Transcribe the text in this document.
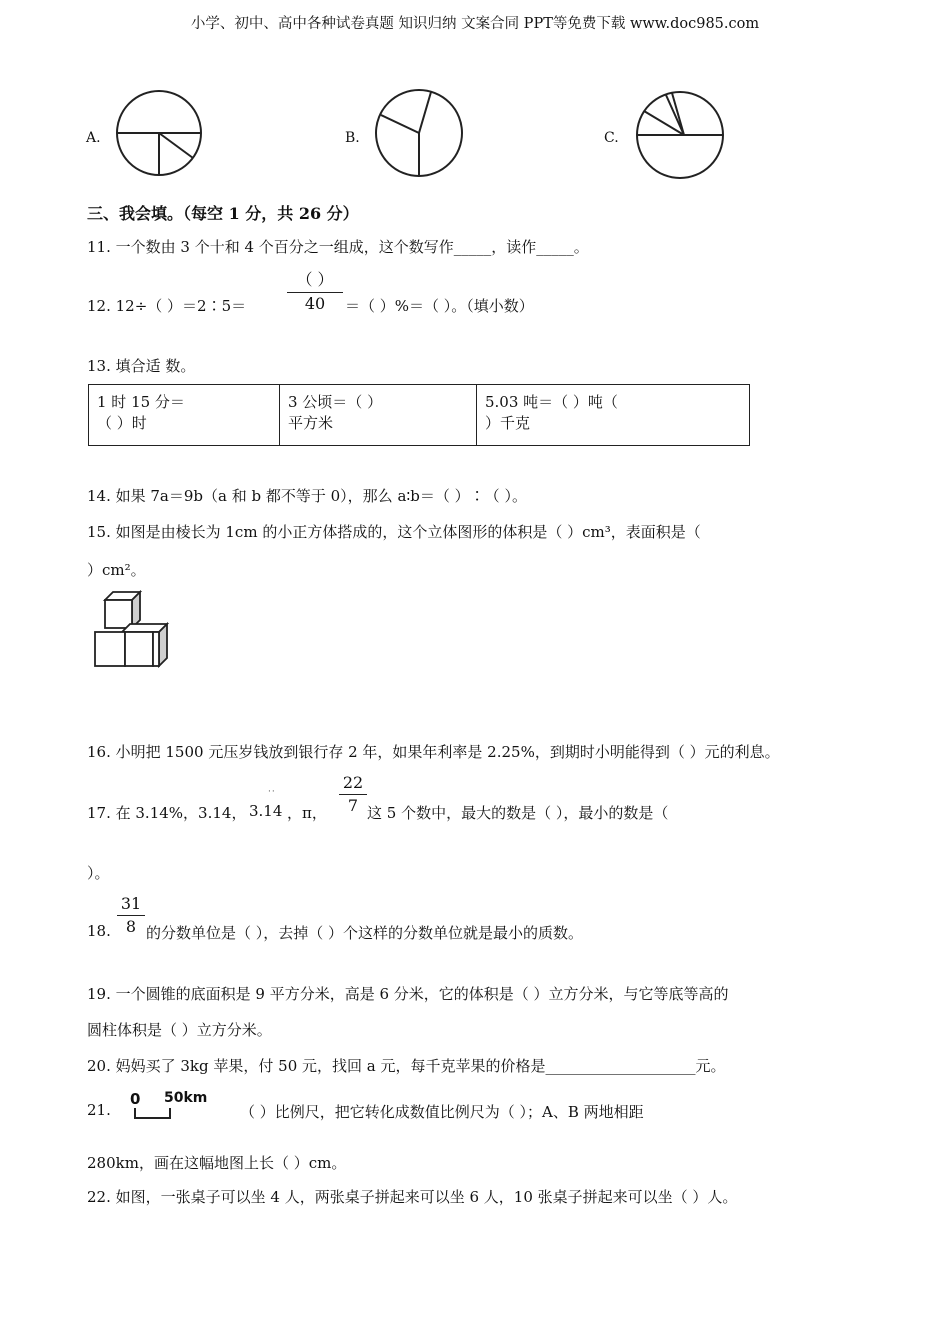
小学、初中、高中各种试卷真题 知识归纳 文案合同 PPT等免费下载 www.doc985.com
A.	B.	C.
三、我会填。（每空 1 分，共 26 分）
11. 一个数由 3 个十和 4 个百分之一组成，这个数写作_____，读作_____。
12. 12÷（ ）＝2∶5＝
（ ）
40	＝（ ）%＝（ ）。（填小数）
13. 填合适 数。
1 时 15 分＝
（ ）时

3 公顷＝（ ）
平方米

5.03 吨＝（ ）吨（
）千克
14. 如果 7a＝9b（a 和 b 都不等于 0），那么 a∶b＝（ ）∶（ ）。
15. 如图是由棱长为 1cm 的小正方体搭成的，这个立体图形的体积是（ ）cm³，表面积是（
）cm²。
16. 小明把 1500 元压岁钱放到银行存 2 年，如果年利率是 2.25%，到期时小明能得到（ ）元的利息。
17. 在 3.14%，3.14，
··
3.14 ，π，
22
7 这 5 个数中，最大的数是（ ），最小的数是（
）。
18.
31
8 的分数单位是（ ），去掉（ ）个这样的分数单位就是最小的质数。
19. 一个圆锥的底面积是 9 平方分米，高是 6 分米，它的体积是（ ）立方分米，与它等底等高的
圆柱体积是（ ）立方分米。
20. 妈妈买了 3kg 苹果，付 50 元，找回 a 元，每千克苹果的价格是____________________元。
21.
0 50km
（ ）比例尺，把它转化成数值比例尺为（ ）；A、B 两地相距
280km，画在这幅地图上长（ ）cm。
22. 如图，一张桌子可以坐 4 人，两张桌子拼起来可以坐 6 人，10 张桌子拼起来可以坐（ ）人。
